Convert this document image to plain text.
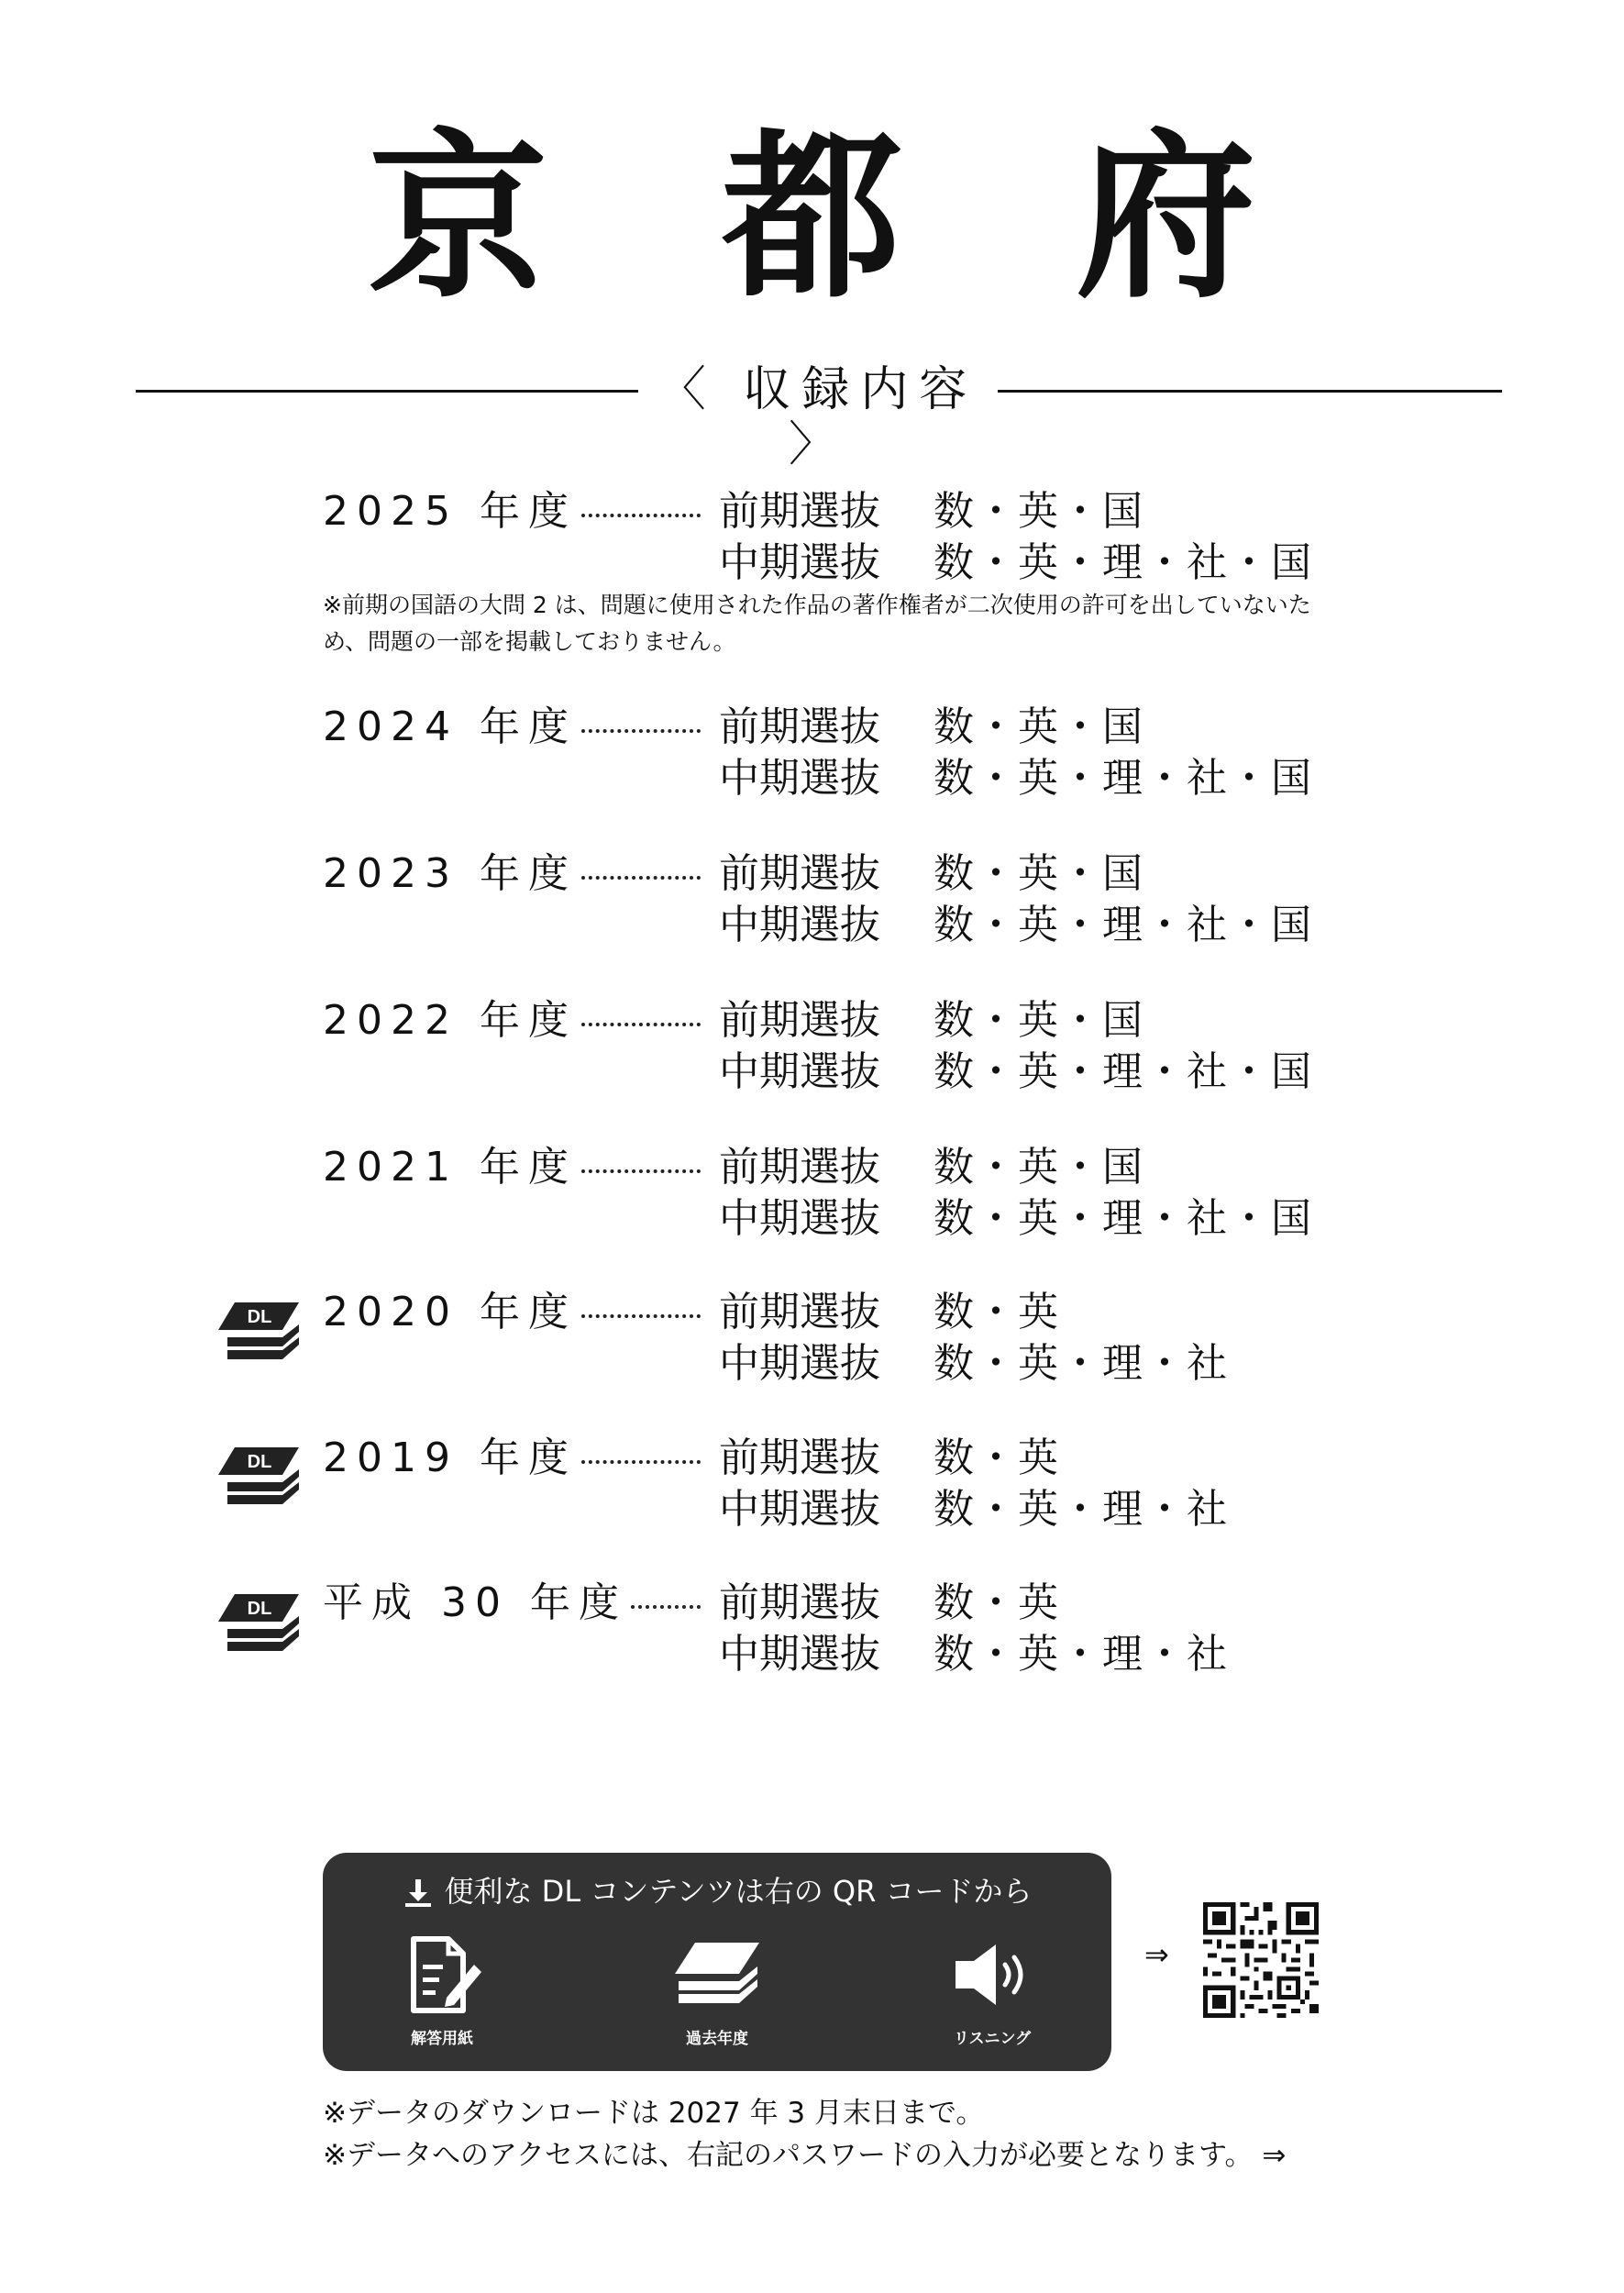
京 都 府
〈 収録内容 〉
2025 年度	前期選抜 数・英・国
中期選抜 数・英・理・社・国
※前期の国語の大問 2 は、問題に使用された作品の著作権者が二次使用の許可を出していないため、問題の一部を掲載しておりません。
2024 年度	前期選抜 数・英・国
中期選抜 数・英・理・社・国
2023 年度	前期選抜 数・英・国
中期選抜 数・英・理・社・国
2022 年度	前期選抜 数・英・国
中期選抜 数・英・理・社・国
2021 年度	前期選抜 数・英・国
中期選抜 数・英・理・社・国
DL 2020 年度	前期選抜 数・英
中期選抜 数・英・理・社
DL 2019 年度	前期選抜 数・英
中期選抜 数・英・理・社
DL 平成 30 年度 前期選抜 数・英
中期選抜 数・英・理・社
便利な DL コンテンツは右の QR コードから
解答用紙	過去年度	リスニング
⇒
※データのダウンロードは 2027 年 3 月末日まで。
※データへのアクセスには、右記のパスワードの入力が必要となります。 ⇒
